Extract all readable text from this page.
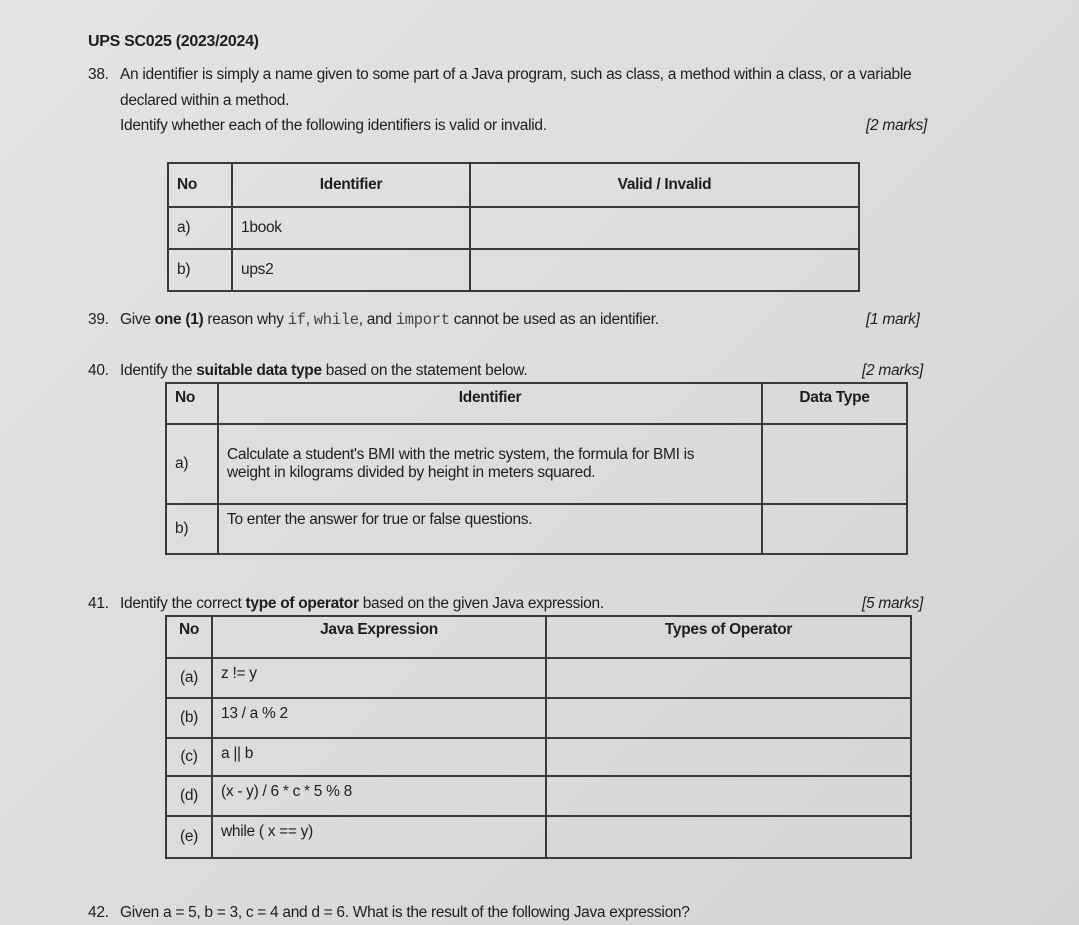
UPS SC025 (2023/2024)
38. An identifier is simply a name given to some part of a Java program, such as class, a method within a class, or a variable
declared within a method.
Identify whether each of the following identifiers is valid or invalid.	[2 marks]
No	Identifier	Valid / Invalid
a)	1book	
b)	ups2	
39. Give one (1) reason why if, while, and import cannot be used as an identifier.	[1 mark]
40. Identify the suitable data type based on the statement below.	[2 marks]
No	Identifier	Data Type
a)	Calculate a student's BMI with the metric system, the formula for BMI is
weight in kilograms divided by height in meters squared.	

b)	To enter the answer for true or false questions.	
41. Identify the correct type of operator based on the given Java expression.	[5 marks]
No	Java Expression	Types of Operator
(a)	z != y	
(b)	13 / a % 2	
(c)	a || b	
(d)	(x - y) / 6 * c * 5 % 8	
(e)	while ( x == y)	
42. Given a = 5, b = 3, c = 4 and d = 6. What is the result of the following Java expression?
